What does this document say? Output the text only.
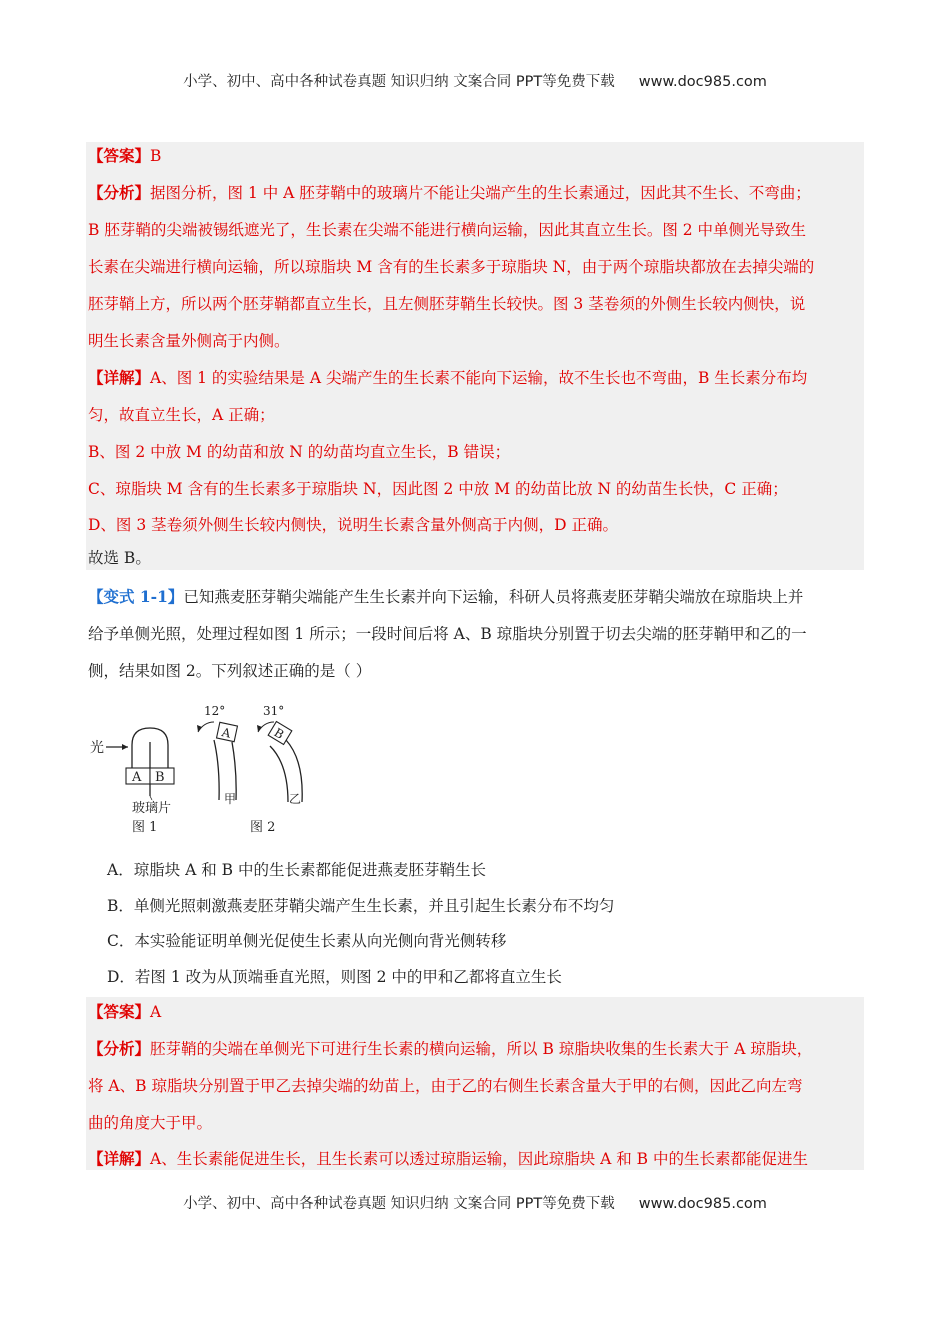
小学、初中、高中各种试卷真题 知识归纳 文案合同 PPT等免费下载 www.doc985.com
【答案】B
【分析】据图分析，图 1 中 A 胚芽鞘中的玻璃片不能让尖端产生的生长素通过，因此其不生长、不弯曲；
B 胚芽鞘的尖端被锡纸遮光了，生长素在尖端不能进行横向运输，因此其直立生长。图 2 中单侧光导致生
长素在尖端进行横向运输，所以琼脂块 M 含有的生长素多于琼脂块 N，由于两个琼脂块都放在去掉尖端的
胚芽鞘上方，所以两个胚芽鞘都直立生长，且左侧胚芽鞘生长较快。图 3 茎卷须的外侧生长较内侧快，说
明生长素含量外侧高于内侧。
【详解】A、图 1 的实验结果是 A 尖端产生的生长素不能向下运输，故不生长也不弯曲，B 生长素分布均
匀，故直立生长，A 正确；
B、图 2 中放 M 的幼苗和放 N 的幼苗均直立生长，B 错误；
C、琼脂块 M 含有的生长素多于琼脂块 N，因此图 2 中放 M 的幼苗比放 N 的幼苗生长快，C 正确；
D、图 3 茎卷须外侧生长较内侧快，说明生长素含量外侧高于内侧，D 正确。
故选 B。
【变式 1-1】已知燕麦胚芽鞘尖端能产生生长素并向下运输，科研人员将燕麦胚芽鞘尖端放在琼脂块上并
给予单侧光照，处理过程如图 1 所示；一段时间后将 A、B 琼脂块分别置于切去尖端的胚芽鞘甲和乙的一
侧，结果如图 2。下列叙述正确的是（ ）
光
A B
玻璃片
图 1
12°
A
甲
31°
B
乙
图 2
A．琼脂块 A 和 B 中的生长素都能促进燕麦胚芽鞘生长
B．单侧光照刺激燕麦胚芽鞘尖端产生生长素，并且引起生长素分布不均匀
C．本实验能证明单侧光促使生长素从向光侧向背光侧转移
D．若图 1 改为从顶端垂直光照，则图 2 中的甲和乙都将直立生长
【答案】A
【分析】胚芽鞘的尖端在单侧光下可进行生长素的横向运输，所以 B 琼脂块收集的生长素大于 A 琼脂块，
将 A、B 琼脂块分别置于甲乙去掉尖端的幼苗上，由于乙的右侧生长素含量大于甲的右侧，因此乙向左弯
曲的角度大于甲。
【详解】A、生长素能促进生长，且生长素可以透过琼脂运输，因此琼脂块 A 和 B 中的生长素都能促进生
小学、初中、高中各种试卷真题 知识归纳 文案合同 PPT等免费下载 www.doc985.com
